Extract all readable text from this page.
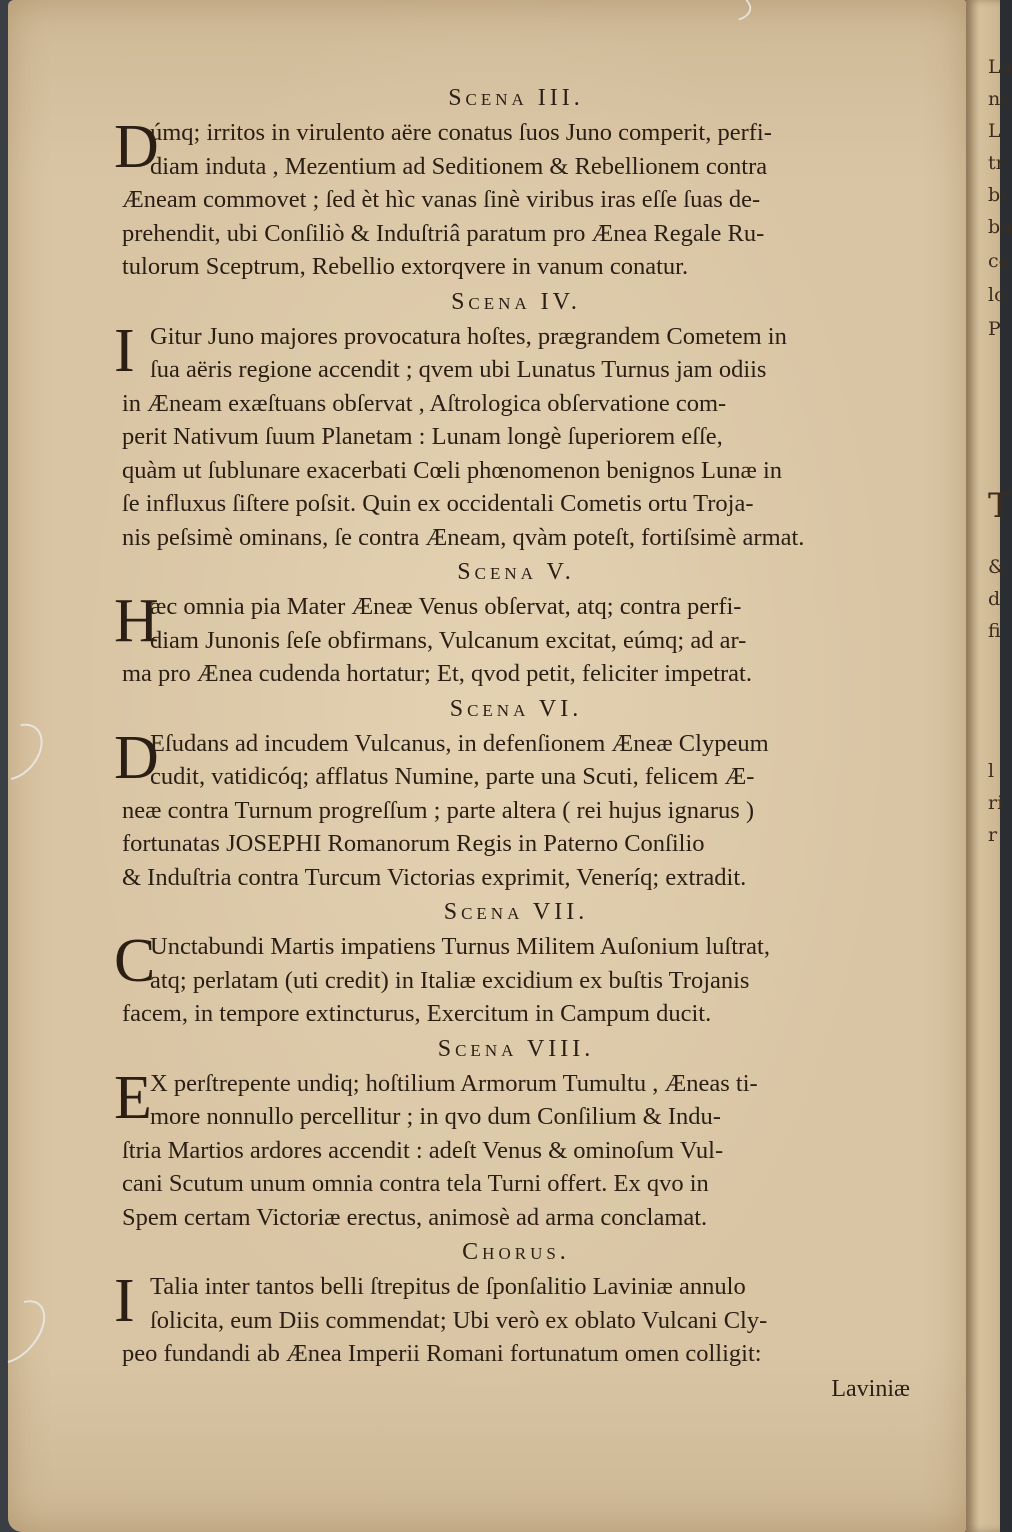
La
nc
L
tr
bi
ba
ce
lo
P
T
&
d
fi
l
ri
r
Scena III.
D
úmq; irritos in virulento aëre conatus ſuos Juno comperit, perfi-
diam induta , Mezentium ad Seditionem & Rebellionem contra
Æneam commovet ; ſed èt hìc vanas ſinè viribus iras eſſe ſuas de-
prehendit, ubi Conſiliò & Induſtriâ paratum pro Ænea Regale Ru-
tulorum Sceptrum, Rebellio extorqvere in vanum conatur.
Scena IV.
I Gitur Juno majores provocatura hoſtes, prægrandem Cometem in
ſua aëris regione accendit ; qvem ubi Lunatus Turnus jam odiis
in Æneam exæſtuans obſervat , Aſtrologica obſervatione com-
perit Nativum ſuum Planetam : Lunam longè ſuperiorem eſſe,
quàm ut ſublunare exacerbati Cœli phœnomenon benignos Lunæ in
ſe influxus ſiſtere poſsit. Quin ex occidentali Cometis ortu Troja-
nis peſsimè ominans, ſe contra Æneam, qvàm poteſt, fortiſsimè armat.
Scena V.
H
æc omnia pia Mater Æneæ Venus obſervat, atq; contra perfi-
diam Junonis ſeſe obfirmans, Vulcanum excitat, eúmq; ad ar-
ma pro Ænea cudenda hortatur; Et, qvod petit, feliciter impetrat.
Scena VI.
D
Eſudans ad incudem Vulcanus, in defenſionem Æneæ Clypeum
cudit, vatidicóq; afflatus Numine, parte una Scuti, felicem Æ-
neæ contra Turnum progreſſum ; parte altera ( rei hujus ignarus )
fortunatas JOSEPHI Romanorum Regis in Paterno Conſilio
& Induſtria contra Turcum Victorias exprimit, Veneríq; extradit.
Scena VII.
C
Unctabundi Martis impatiens Turnus Militem Auſonium luſtrat,
atq; perlatam (uti credit) in Italiæ excidium ex buſtis Trojanis
facem, in tempore extincturus, Exercitum in Campum ducit.
Scena VIII.
E
X perſtrepente undiq; hoſtilium Armorum Tumultu , Æneas ti-
more nonnullo percellitur ; in qvo dum Conſilium & Indu-
ſtria Martios ardores accendit : adeſt Venus & ominoſum Vul-
cani Scutum unum omnia contra tela Turni offert. Ex qvo in
Spem certam Victoriæ erectus, animosè ad arma conclamat.
Chorus.
I Talia inter tantos belli ſtrepitus de ſponſalitio Laviniæ annulo
ſolicita, eum Diis commendat; Ubi verò ex oblato Vulcani Cly-
peo fundandi ab Ænea Imperii Romani fortunatum omen colligit:
Laviniæ
